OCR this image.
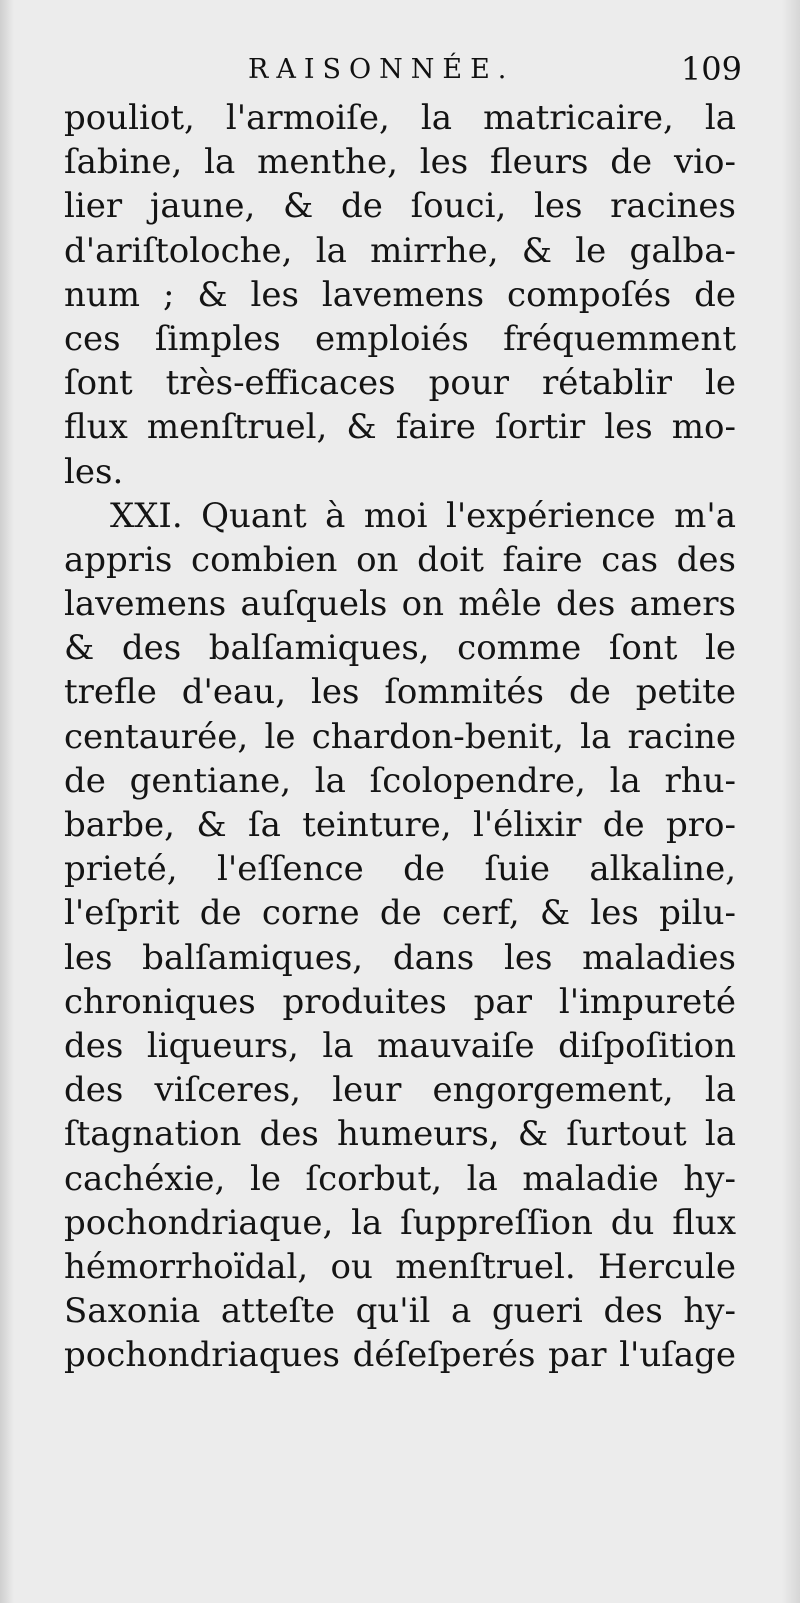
RAISONNÉE.	109
pouliot, l'armoiſe, la matricaire, la
ſabine, la menthe, les fleurs de vio-
lier jaune, & de ſouci, les racines
d'ariſtoloche, la mirrhe, & le galba-
num ; & les lavemens compoſés de
ces ſimples emploiés fréquemment
ſont très-efficaces pour rétablir le
flux menſtruel, & faire ſortir les mo-
les.
XXI. Quant à moi l'expérience m'a
appris combien on doit faire cas des
lavemens auſquels on mêle des amers
& des balſamiques, comme ſont le
trefle d'eau, les ſommités de petite
centaurée, le chardon-benit, la racine
de gentiane, la ſcolopendre, la rhu-
barbe, & ſa teinture, l'élixir de pro-
prieté, l'eſſence de ſuie alkaline,
l'eſprit de corne de cerf, & les pilu-
les balſamiques, dans les maladies
chroniques produites par l'impureté
des liqueurs, la mauvaiſe diſpoſition
des viſceres, leur engorgement, la
ſtagnation des humeurs, & ſurtout la
cachéxie, le ſcorbut, la maladie hy-
pochondriaque, la ſuppreſſion du flux
hémorrhoïdal, ou menſtruel. Hercule
Saxonia atteſte qu'il a gueri des hy-
pochondriaques déſeſperés par l'uſage
